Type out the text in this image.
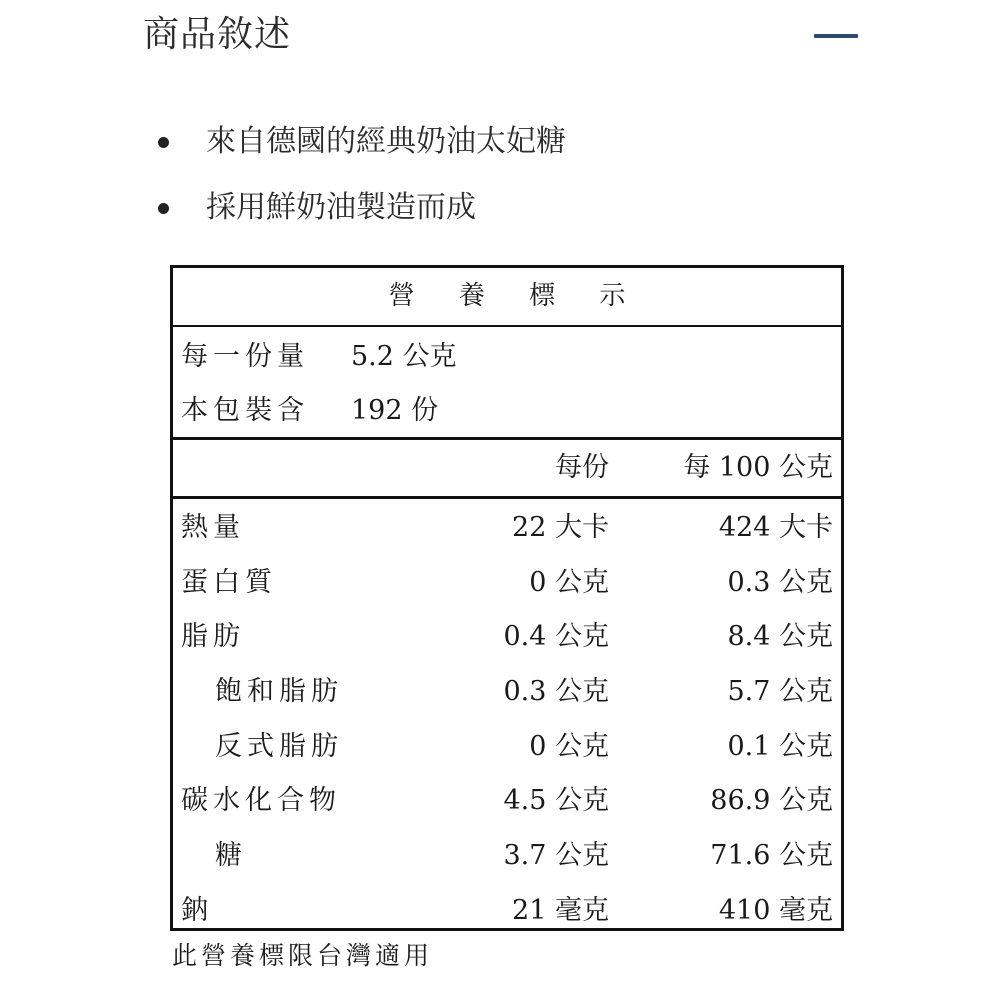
商品敘述
來自德國的經典奶油太妃糖
採用鮮奶油製造而成
營 養 標 示
每一份量 5.2 公克
本包裝含 192 份
每份	每 100 公克
熱量	22 大卡	424 大卡
蛋白質	0 公克	0.3 公克
脂肪	0.4 公克	8.4 公克
飽和脂肪	0.3 公克	5.7 公克
反式脂肪	0 公克	0.1 公克
碳水化合物	4.5 公克	86.9 公克
糖	3.7 公克	71.6 公克
鈉	21 毫克	410 毫克
此營養標限台灣適用
